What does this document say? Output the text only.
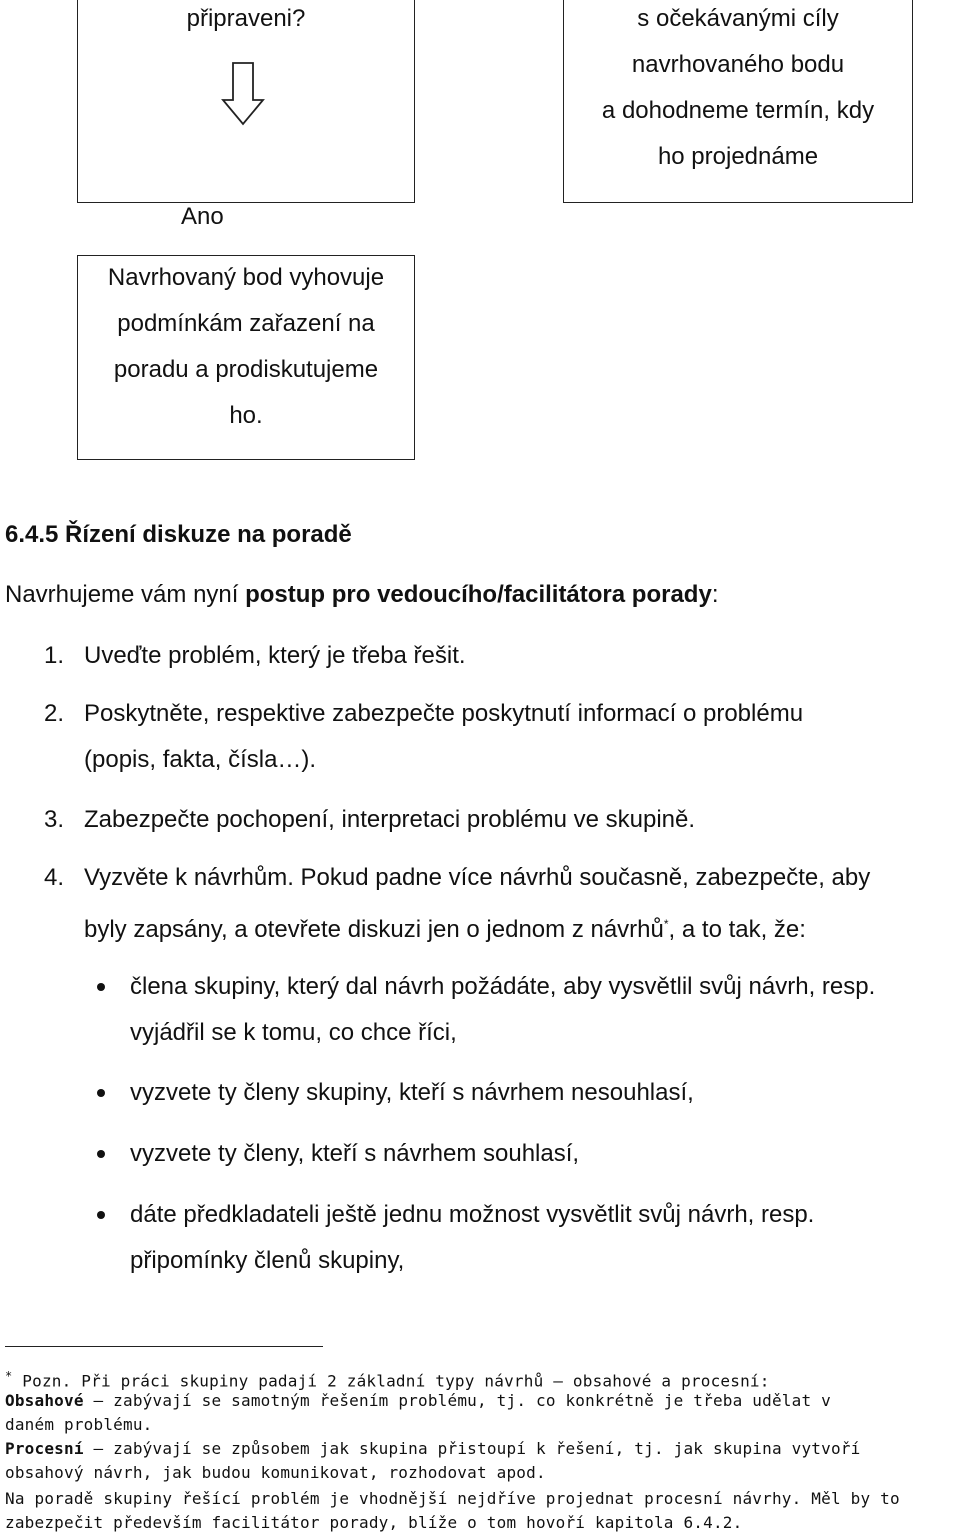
připraveni?	s očekávanými cíly
navrhovaného bodu
a dohodneme termín, kdy
ho projednáme
Ano
Navrhovaný bod vyhovuje
podmínkám zařazení na
poradu a prodiskutujeme
ho.
6.4.5 Řízení diskuze na poradě
Navrhujeme vám nyní postup pro vedoucího/facilitátora porady:
1. Uveďte problém, který je třeba řešit.
2. Poskytněte, respektive zabezpečte poskytnutí informací o problému
(popis, fakta, čísla…).
3. Zabezpečte pochopení, interpretaci problému ve skupině.
4. Vyzvěte k návrhům. Pokud padne více návrhů současně, zabezpečte, aby
byly zapsány, a otevřete diskuzi jen o jednom z návrhů*, a to tak, že:
člena skupiny, který dal návrh požádáte, aby vysvětlil svůj návrh, resp.
vyjádřil se k tomu, co chce říci,
vyzvete ty členy skupiny, kteří s návrhem nesouhlasí,
vyzvete ty členy, kteří s návrhem souhlasí,
dáte předkladateli ještě jednu možnost vysvětlit svůj návrh, resp.
připomínky členů skupiny,
* Pozn. Při práci skupiny padají 2 základní typy návrhů – obsahové a procesní:
Obsahové – zabývají se samotným řešením problému, tj. co konkrétně je třeba udělat v
daném problému.
Procesní – zabývají se způsobem jak skupina přistoupí k řešení, tj. jak skupina vytvoří
obsahový návrh, jak budou komunikovat, rozhodovat apod.
Na poradě skupiny řešící problém je vhodnější nejdříve projednat procesní návrhy. Měl by to
zabezpečit především facilitátor porady, blíže o tom hovoří kapitola 6.4.2.
